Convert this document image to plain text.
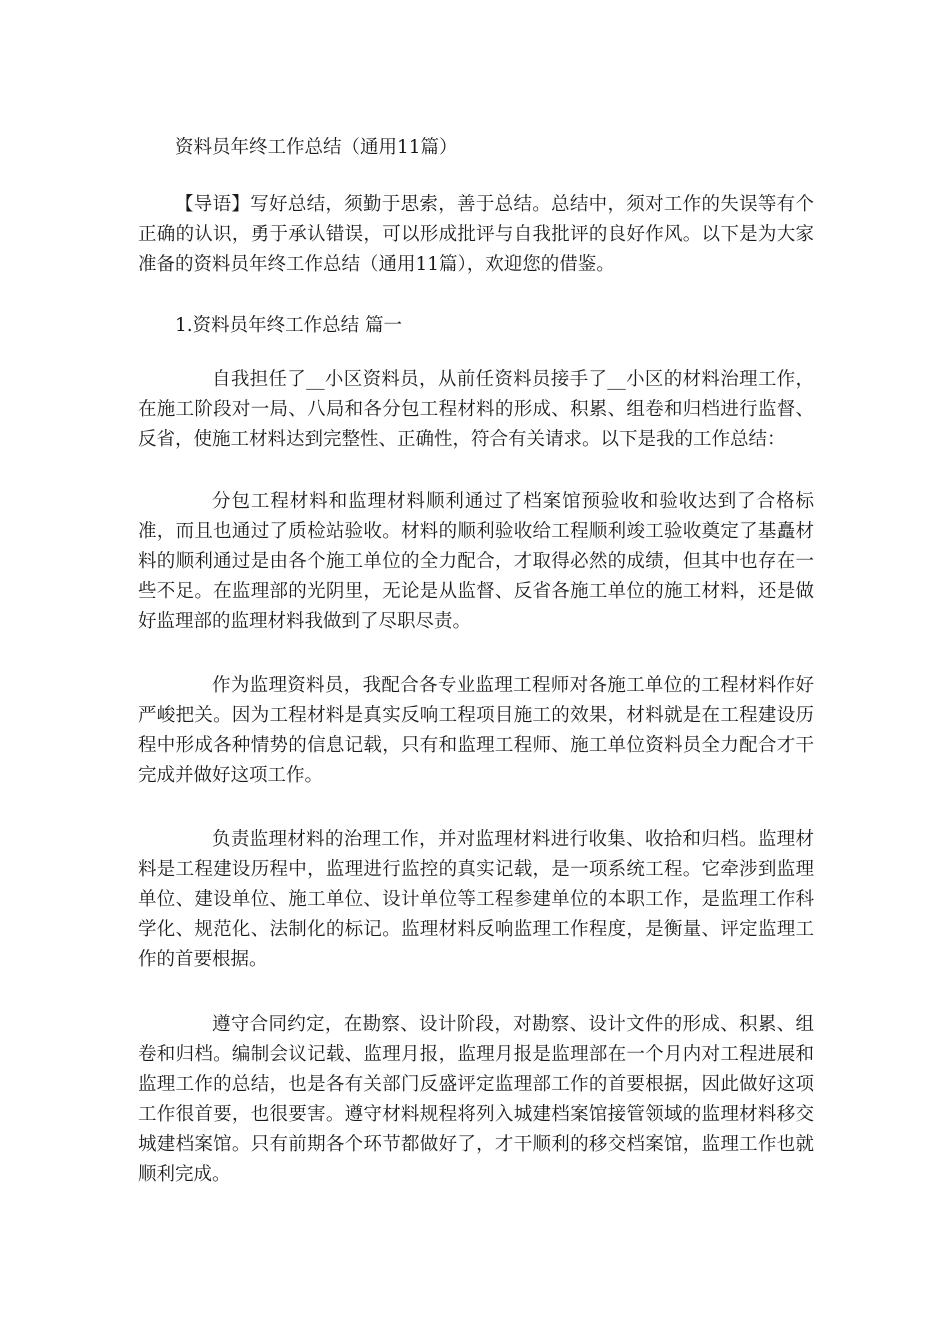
资料员年终工作总结（通用11篇）

【导语】写好总结，须勤于思索，善于总结。总结中，须对工作的失误等有个正确的认识，勇于承认错误，可以形成批评与自我批评的良好作风。以下是为大家准备的资料员年终工作总结（通用11篇），欢迎您的借鉴。

1.资料员年终工作总结 篇一

自我担任了__小区资料员，从前任资料员接手了__小区的材料治理工作，在施工阶段对一局、八局和各分包工程材料的形成、积累、组卷和归档进行监督、反省，使施工材料达到完整性、正确性，符合有关请求。以下是我的工作总结：

分包工程材料和监理材料顺利通过了档案馆预验收和验收达到了合格标准，而且也通过了质检站验收。材料的顺利验收给工程顺利竣工验收奠定了基矗材料的顺利通过是由各个施工单位的全力配合，才取得必然的成绩，但其中也存在一些不足。在监理部的光阴里，无论是从监督、反省各施工单位的施工材料，还是做好监理部的监理材料我做到了尽职尽责。

作为监理资料员，我配合各专业监理工程师对各施工单位的工程材料作好严峻把关。因为工程材料是真实反响工程项目施工的效果，材料就是在工程建设历程中形成各种情势的信息记载，只有和监理工程师、施工单位资料员全力配合才干完成并做好这项工作。

负责监理材料的治理工作，并对监理材料进行收集、收拾和归档。监理材料是工程建设历程中，监理进行监控的真实记载，是一项系统工程。它牵涉到监理单位、建设单位、施工单位、设计单位等工程参建单位的本职工作，是监理工作科学化、规范化、法制化的标记。监理材料反响监理工作程度，是衡量、评定监理工作的首要根据。

遵守合同约定，在勘察、设计阶段，对勘察、设计文件的形成、积累、组卷和归档。编制会议记载、监理月报，监理月报是监理部在一个月内对工程进展和监理工作的总结，也是各有关部门反盛评定监理部工作的首要根据，因此做好这项工作很首要，也很要害。遵守材料规程将列入城建档案馆接管领域的监理材料移交城建档案馆。只有前期各个环节都做好了，才干顺利的移交档案馆，监理工作也就顺利完成。
